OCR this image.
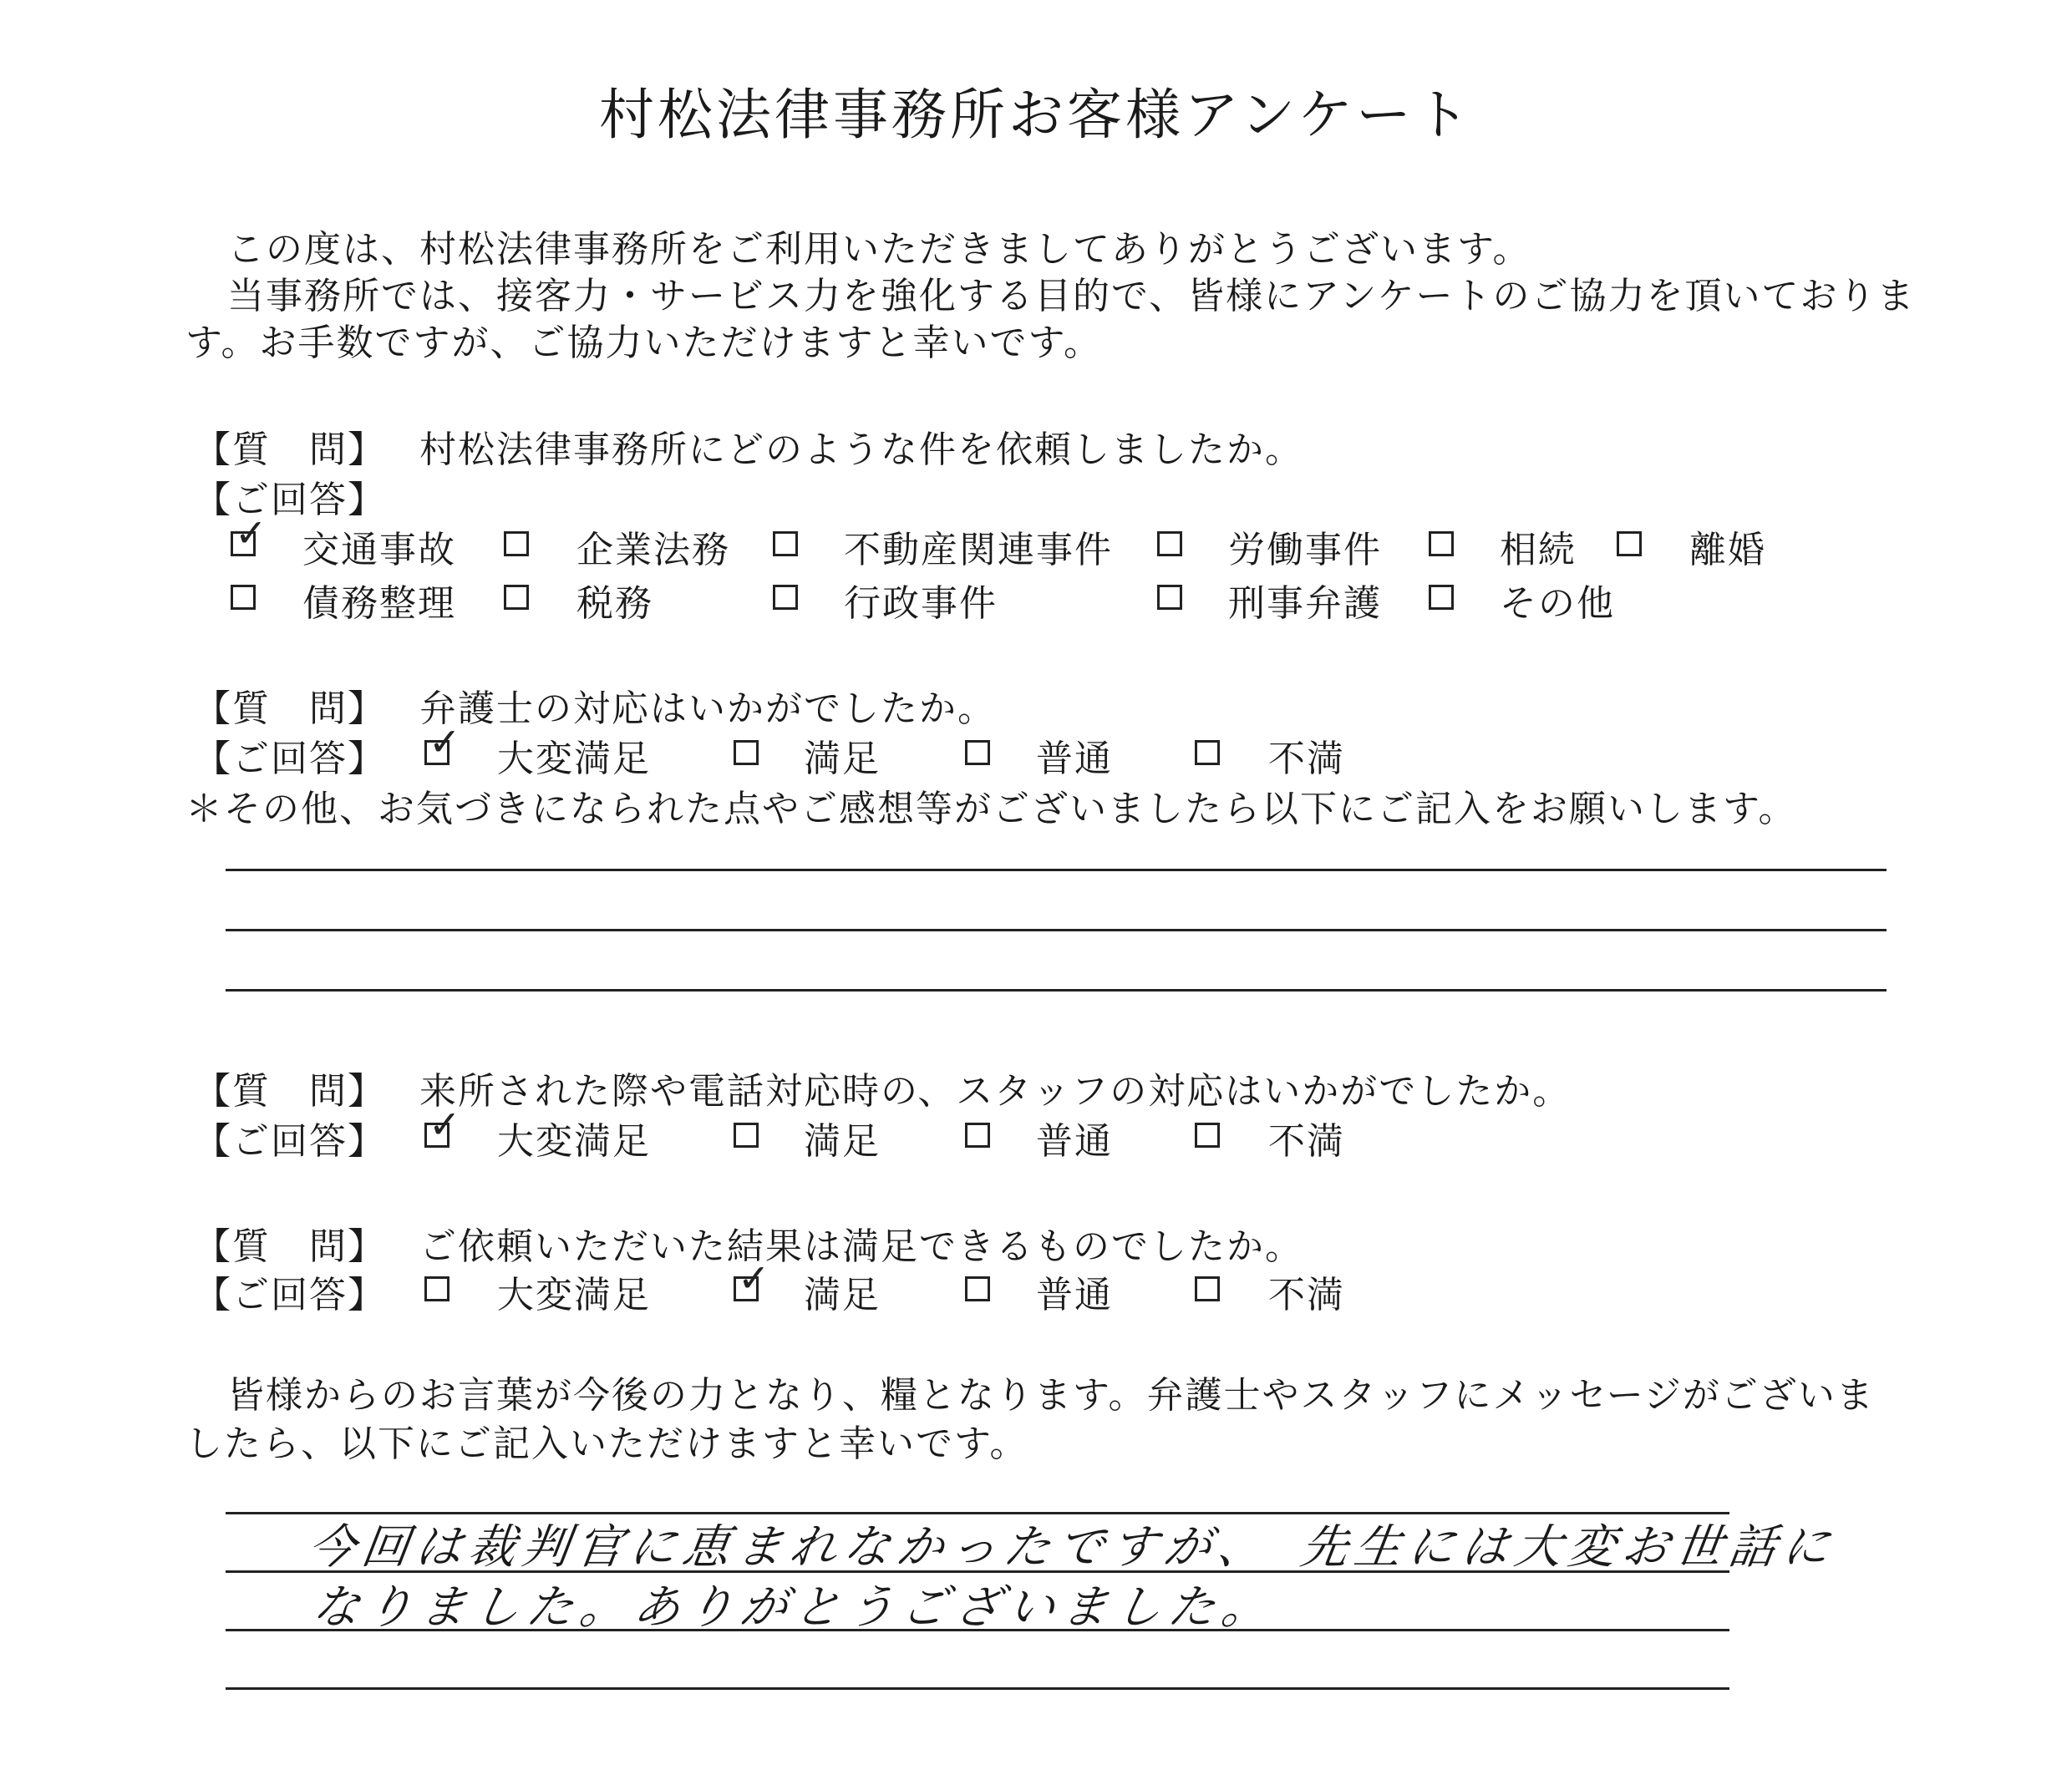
村松法律事務所お客様アンケート
この度は、村松法律事務所をご利用いただきましてありがとうございます。
当事務所では、接客力・サービス力を強化する目的で、皆様にアンケートのご協力を頂いておりま
す。お手数ですが、ご協力いただけますと幸いです。
【質　問】 村松法律事務所にどのような件を依頼しましたか。
【ご回答】
✓ 交通事故	企業法務	不動産関連事件	労働事件	相続	離婚
債務整理	税務	行政事件	刑事弁護	その他
【質　問】 弁護士の対応はいかがでしたか。
【ご回答】 ✓ 大変満足	満足	普通	不満
＊その他、お気づきになられた点やご感想等がございましたら以下にご記入をお願いします。
【質　問】 来所された際や電話対応時の、スタッフの対応はいかがでしたか。
【ご回答】 ✓ 大変満足	満足	普通	不満
【質　問】 ご依頼いただいた結果は満足できるものでしたか。
【ご回答】	大変満足 ✓ 満足	普通	不満
皆様からのお言葉が今後の力となり、糧となります。弁護士やスタッフにメッセージがございま
したら、以下にご記入いただけますと幸いです。
今回は裁判官に恵まれなかったですが、　先生には大変お世話に
なりました。ありがとうございました。
